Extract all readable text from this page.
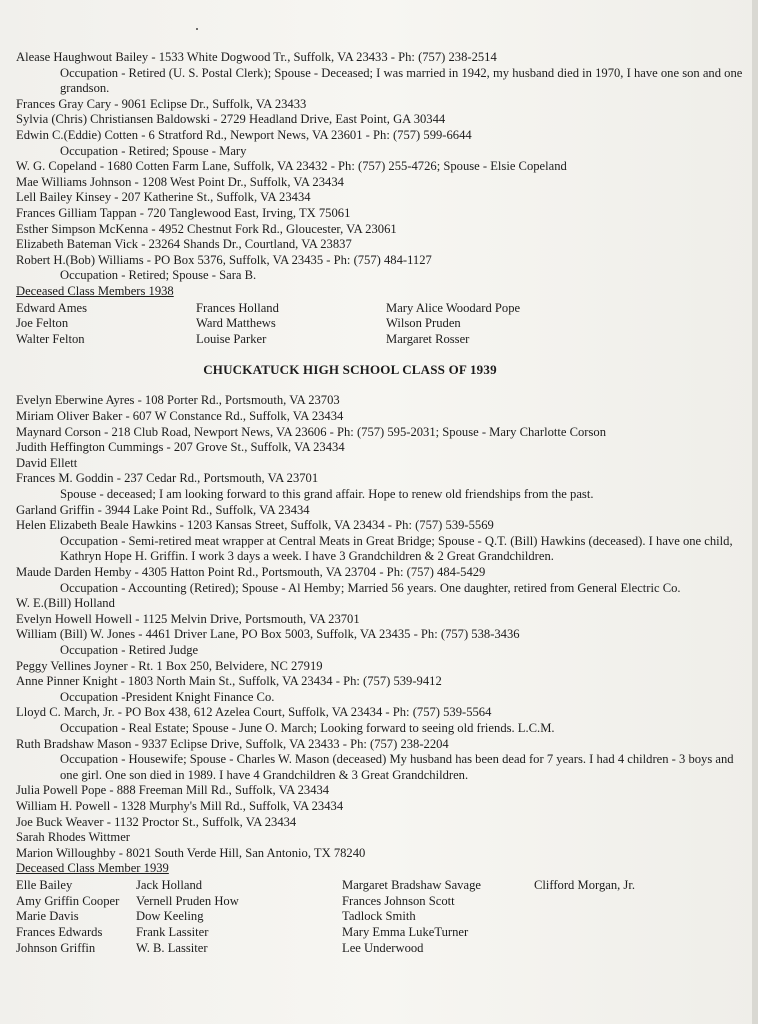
Alease Haughwout Bailey - 1533 White Dogwood Tr., Suffolk, VA 23433 - Ph: (757) 238-2514
Occupation - Retired (U. S. Postal Clerk); Spouse - Deceased; I was married in 1942, my husband died in 1970, I have one son and one grandson.
Frances Gray Cary - 9061 Eclipse Dr., Suffolk, VA 23433
Sylvia (Chris) Christiansen Baldowski - 2729 Headland Drive, East Point, GA 30344
Edwin C.(Eddie) Cotten - 6 Stratford Rd., Newport News, VA 23601 - Ph: (757) 599-6644
Occupation - Retired; Spouse - Mary
W. G. Copeland - 1680 Cotten Farm Lane, Suffolk, VA 23432 - Ph: (757) 255-4726; Spouse - Elsie Copeland
Mae Williams Johnson - 1208 West Point Dr., Suffolk, VA 23434
Lell Bailey Kinsey - 207 Katherine St., Suffolk, VA 23434
Frances Gilliam Tappan - 720 Tanglewood East, Irving, TX 75061
Esther Simpson McKenna - 4952 Chestnut Fork Rd., Gloucester, VA 23061
Elizabeth Bateman Vick - 23264 Shands Dr., Courtland, VA 23837
Robert H.(Bob) Williams - PO Box 5376, Suffolk, VA 23435 - Ph: (757) 484-1127
Occupation - Retired; Spouse - Sara B.

Deceased Class Members 1938

Edward Ames
Joe Felton
Walter Felton
Frances Holland
Ward Matthews
Louise Parker
Mary Alice Woodard Pope
Wilson Pruden
Margaret Rosser
CHUCKATUCK HIGH SCHOOL CLASS OF 1939
Evelyn Eberwine Ayres - 108 Porter Rd., Portsmouth, VA 23703
Miriam Oliver Baker - 607 W Constance Rd., Suffolk, VA 23434
Maynard Corson - 218 Club Road, Newport News, VA 23606 - Ph: (757) 595-2031; Spouse - Mary Charlotte Corson
Judith Heffington Cummings - 207 Grove St., Suffolk, VA 23434
David Ellett
Frances M. Goddin - 237 Cedar Rd., Portsmouth, VA 23701
Spouse - deceased; I am looking forward to this grand affair. Hope to renew old friendships from the past.
Garland Griffin - 3944 Lake Point Rd., Suffolk, VA 23434
Helen Elizabeth Beale Hawkins - 1203 Kansas Street, Suffolk, VA 23434 - Ph: (757) 539-5569
Occupation - Semi-retired meat wrapper at Central Meats in Great Bridge; Spouse - Q.T. (Bill) Hawkins (deceased). I have one child, Kathryn Hope H. Griffin. I work 3 days a week. I have 3 Grandchildren & 2 Great Grandchildren.
Maude Darden Hemby - 4305 Hatton Point Rd., Portsmouth, VA 23704 - Ph: (757) 484-5429
Occupation - Accounting (Retired); Spouse - Al Hemby; Married 56 years. One daughter, retired from General Electric Co.
W. E.(Bill) Holland
Evelyn Howell Howell - 1125 Melvin Drive, Portsmouth, VA 23701
William (Bill) W. Jones - 4461 Driver Lane, PO Box 5003, Suffolk, VA 23435 - Ph: (757) 538-3436
Occupation - Retired Judge
Peggy Vellines Joyner - Rt. 1 Box 250, Belvidere, NC 27919
Anne Pinner Knight - 1803 North Main St., Suffolk, VA 23434 - Ph: (757) 539-9412
Occupation -President Knight Finance Co.
Lloyd C. March, Jr. - PO Box 438, 612 Azelea Court, Suffolk, VA 23434 - Ph: (757) 539-5564
Occupation - Real Estate; Spouse - June O. March; Looking forward to seeing old friends. L.C.M.
Ruth Bradshaw Mason - 9337 Eclipse Drive, Suffolk, VA 23433 - Ph: (757) 238-2204
Occupation - Housewife; Spouse - Charles W. Mason (deceased) My husband has been dead for 7 years. I had 4 children - 3 boys and one girl. One son died in 1989. I have 4 Grandchildren & 3 Great Grandchildren.
Julia Powell Pope - 888 Freeman Mill Rd., Suffolk, VA 23434
William H. Powell - 1328 Murphy's Mill Rd., Suffolk, VA 23434
Joe Buck Weaver - 1132 Proctor St., Suffolk, VA 23434
Sarah Rhodes Wittmer
Marion Willoughby - 8021 South Verde Hill, San Antonio, TX 78240

Deceased Class Member 1939

Elle Bailey
Amy Griffin Cooper
Marie Davis
Frances Edwards
Johnson Griffin
Jack Holland
Vernell Pruden How
Dow Keeling
Frank Lassiter
W. B. Lassiter
Margaret Bradshaw Savage
Frances Johnson Scott
Tadlock Smith
Mary Emma LukeTurner
Lee Underwood
Clifford Morgan, Jr.
